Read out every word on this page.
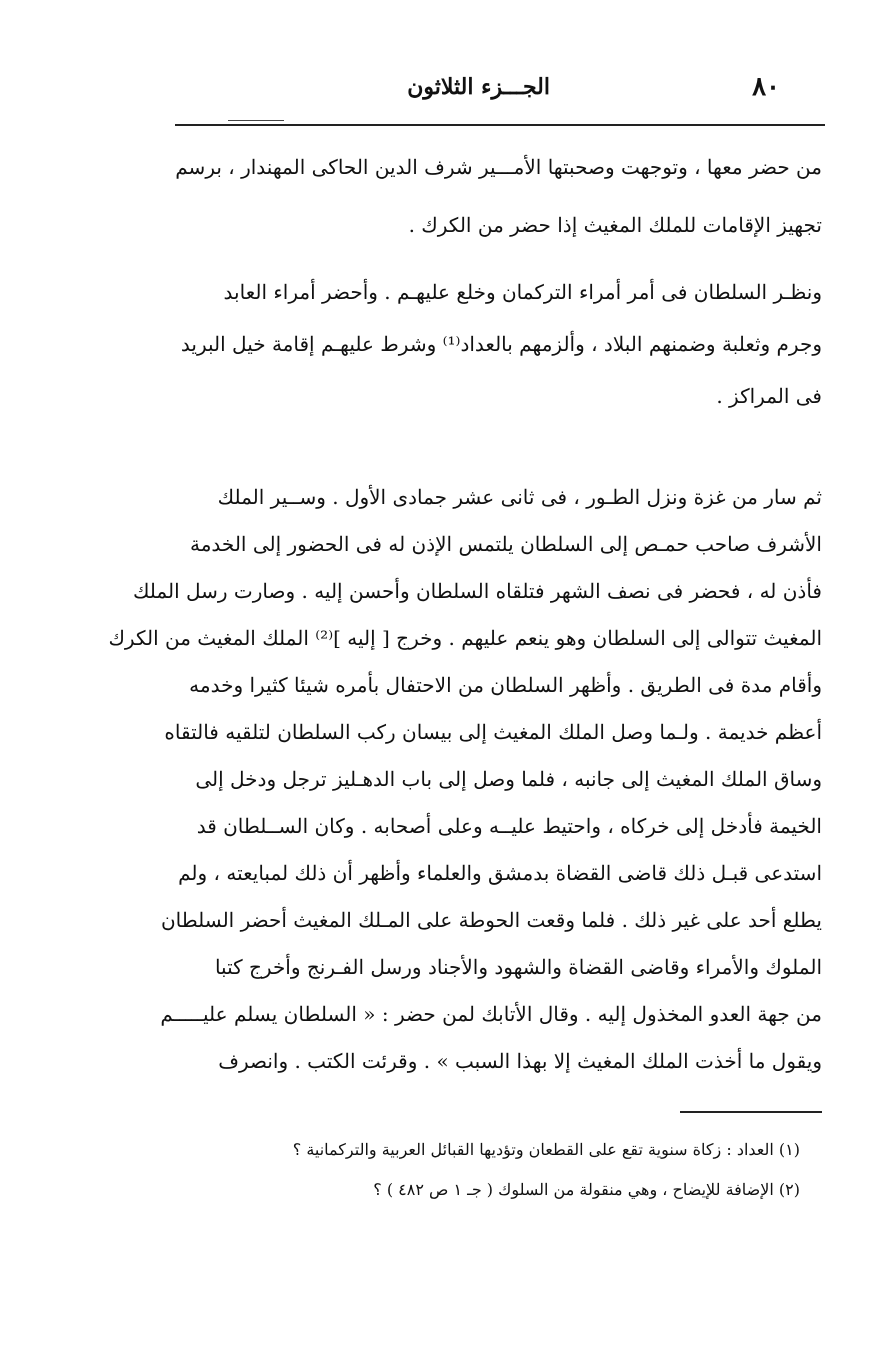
٨٠
الجـــزء الثلاثون

من حضر معها ، وتوجهت وصحبتها الأمـــير شرف الدين الحاكى المهندار ، برسم
تجهيز الإقامات للملك المغيث إذا حضر من الكرك .

ونظـر السلطان فى أمر أمراء التركمان وخلع عليهـم . وأحضر أمراء العابد
وجرم وثعلبة وضمنهم البلاد ، وألزمهم بالعداد⁽¹⁾ وشرط عليهـم إقامة خيل البريد
فى المراكز .

ثم سار من غزة ونزل الطـور ، فى ثانى عشر جمادى الأول . وســير الملك
الأشرف صاحب حمـص إلى السلطان يلتمس الإذن له فى الحضور إلى الخدمة
فأذن له ، فحضر فى نصف الشهر فتلقاه السلطان وأحسن إليه . وصارت رسل الملك
المغيث تتوالى إلى السلطان وهو ينعم عليهم . وخرج [ إليه ]⁽²⁾ الملك المغيث من الكرك
وأقام مدة فى الطريق . وأظهر السلطان من الاحتفال بأمره شيئا كثيرا وخدمه
أعظم خديمة . ولـما وصل الملك المغيث إلى بيسان ركب السلطان لتلقيه فالتقاه
وساق الملك المغيث إلى جانبه ، فلما وصل إلى باب الدهـليز ترجل ودخل إلى
الخيمة فأدخل إلى خركاه ، واحتيط عليــه وعلى أصحابه . وكان الســلطان قد
استدعى قبـل ذلك قاضى القضاة بدمشق والعلماء وأظهر أن ذلك لمبايعته ، ولم
يطلع أحد على غير ذلك . فلما وقعت الحوطة على المـلك المغيث أحضر السلطان
الملوك والأمراء وقاضى القضاة والشهود والأجناد ورسل الفـرنج وأخرج كتبا
من جهة العدو المخذول إليه . وقال الأتابك لمن حضر : « السلطان يسلم عليـــــم
ويقول ما أخذت الملك المغيث إلا بهذا السبب » . وقرئت الكتب . وانصرف

(١) العداد : زكاة سنوية تقع على القطعان وتؤديها القبائل العربية والتركمانية ؟
(٢) الإضافة للإيضاح ، وهي منقولة من السلوك ( جـ ١ ص ٤٨٢ ) ؟
